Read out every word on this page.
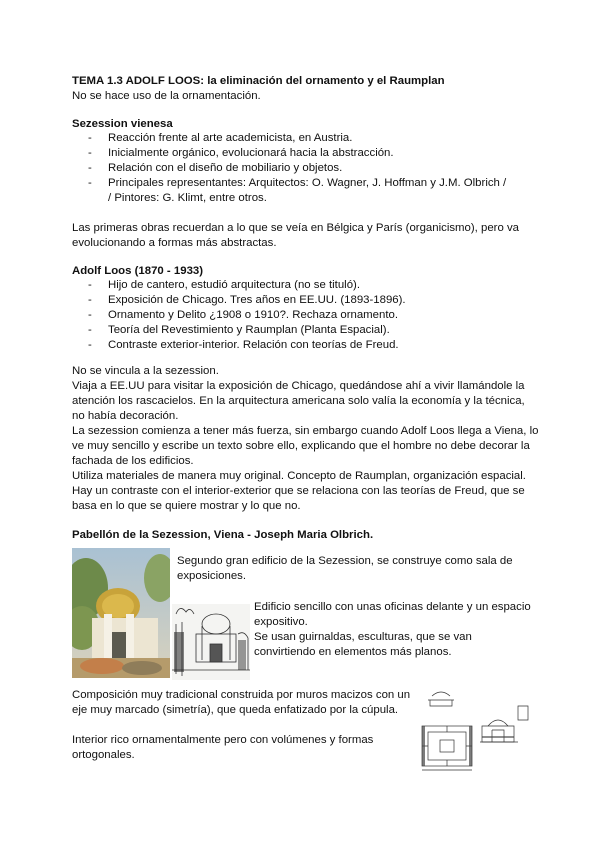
TEMA 1.3 ADOLF LOOS: la eliminación del ornamento y el Raumplan
No se hace uso de la ornamentación.
Sezession vienesa
- Reacción frente al arte academicista, en Austria.
- Inicialmente orgánico, evolucionará hacia la abstracción.
- Relación con el diseño de mobiliario y objetos.
- Principales representantes: Arquitectos: O. Wagner, J. Hoffman y J.M. Olbrich / / Pintores: G. Klimt, entre otros.

Las primeras obras recuerdan a lo que se veía en Bélgica y París (organicismo), pero va

evolucionando a formas más abstractas.

Adolf Loos (1870 - 1933)
- Hijo de cantero, estudió arquitectura (no se tituló).
- Exposición de Chicago. Tres años en EE.UU. (1893-1896).
- Ornamento y Delito ¿1908 o 1910?. Rechaza ornamento.
- Teoría del Revestimiento y Raumplan (Planta Espacial).
- Contraste exterior-interior. Relación con teorías de Freud.

No se vincula a la sezession.

Viaja a EE.UU para visitar la exposición de Chicago, quedándose ahí a vivir llamándole la

atención los rascacielos. En la arquitectura americana solo valía la economía y la técnica,

no había decoración.

La sezession comienza a tener más fuerza, sin embargo cuando Adolf Loos llega a Viena, lo

ve muy sencillo y escribe un texto sobre ello, explicando que el hombre no debe decorar la

fachada de los edificios.

Utiliza materiales de manera muy original. Concepto de Raumplan, organización espacial.

Hay un contraste con el interior-exterior que se relaciona con las teorías de Freud, que se

basa en lo que se quiere mostrar y lo que no.

Pabellón de la Sezession, Viena - Joseph Maria Olbrich.

Segundo gran edificio de la Sezession, se construye como sala de

exposiciones.

Edificio sencillo con unas oficinas delante y un espacio

expositivo.

Se usan guirnaldas, esculturas, que se van

convirtiendo en elementos más planos.

Composición muy tradicional construida por muros macizos con un

eje muy marcado (simetría), que queda enfatizado por la cúpula.

Interior rico ornamentalmente pero con volúmenes y formas

ortogonales.
